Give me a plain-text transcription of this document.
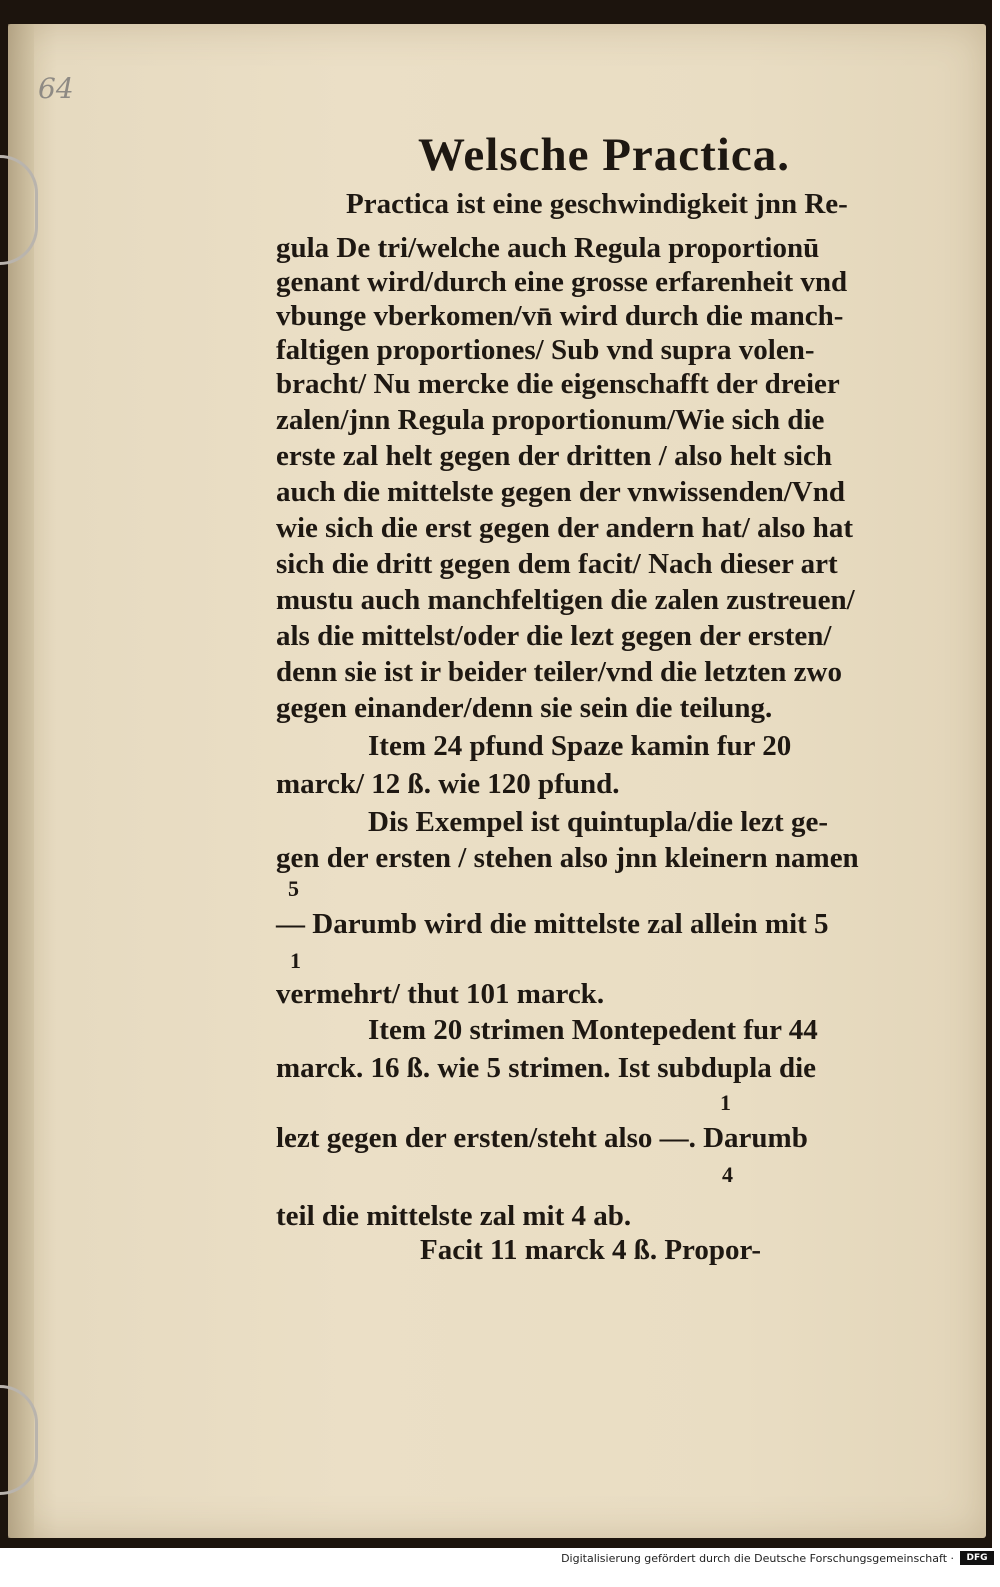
64
Welsche Practica.
Practica ist eine geschwindigkeit jnn Re-
gula De tri/welche auch Regula proportionū
genant wird/durch eine grosse erfarenheit vnd
vbunge vberkomen/vn̄ wird durch die manch-
faltigen proportiones/ Sub vnd supra volen-
bracht/ Nu mercke die eigenschafft der dreier
zalen/jnn Regula proportionum/Wie sich die
erste zal helt gegen der dritten / also helt sich
auch die mittelste gegen der vnwissenden/Vnd
wie sich die erst gegen der andern hat/ also hat
sich die dritt gegen dem facit/ Nach dieser art
mustu auch manchfeltigen die zalen zustreuen/
als die mittelst/oder die lezt gegen der ersten/
denn sie ist ir beider teiler/vnd die letzten zwo
gegen einander/denn sie sein die teilung.
Item 24 pfund Spaze kamin fur 20
marck/ 12 ß. wie 120 pfund.
Dis Exempel ist quintupla/die lezt ge-
gen der ersten / stehen also jnn kleinern namen
5
— Darumb wird die mittelste zal allein mit 5
1
vermehrt/ thut 101 marck.
Item 20 strimen Montepedent fur 44
marck. 16 ß. wie 5 strimen. Ist subdupla die
1
lezt gegen der ersten/steht also —. Darumb
4
teil die mittelste zal mit 4 ab.
Facit 11 marck 4 ß. Propor-
Digitalisierung gefördert durch die Deutsche Forschungsgemeinschaft ·	DFG
